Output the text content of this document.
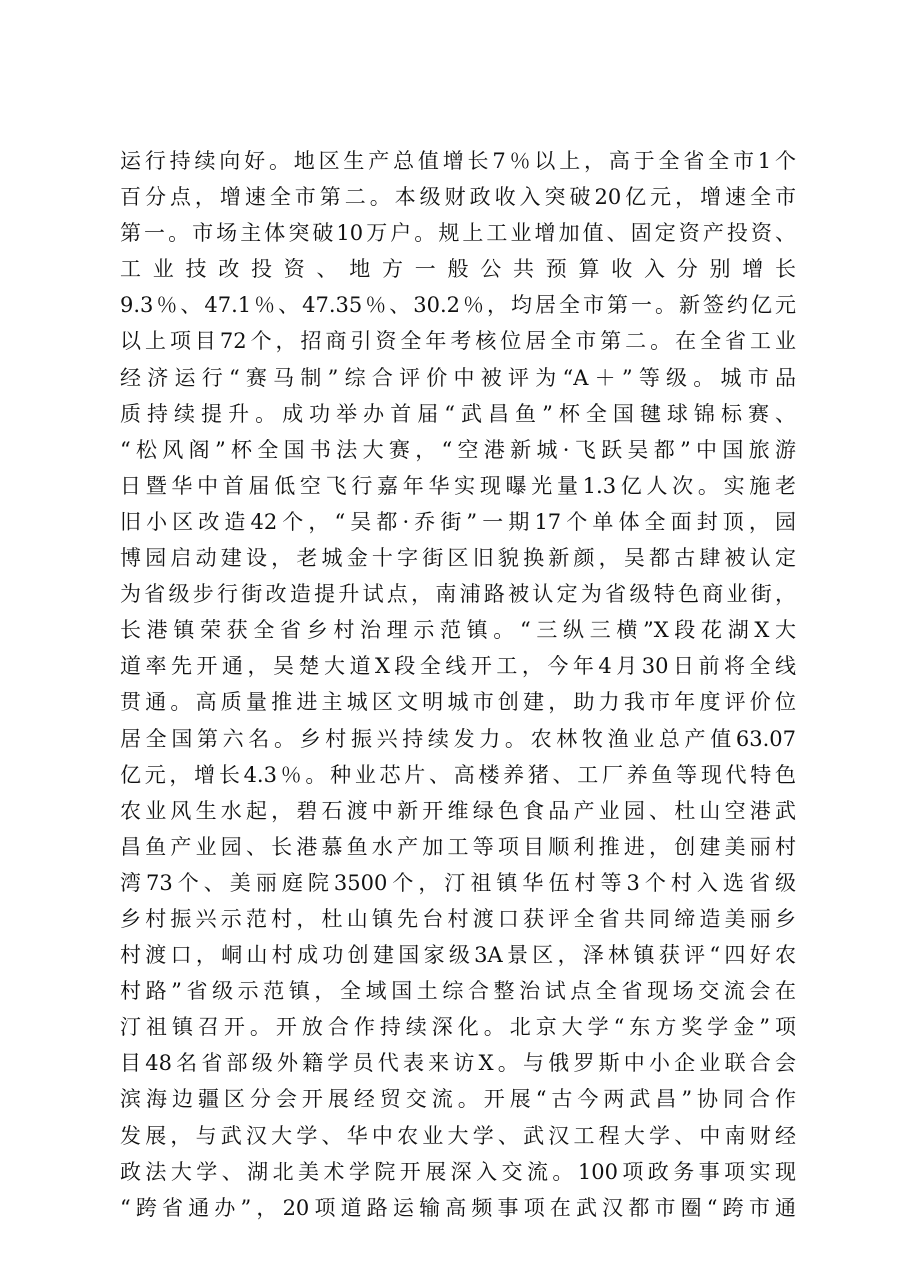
运行持续向好。地区生产总值增长7％以上，高于全省全市1个
百分点，增速全市第二。本级财政收入突破20亿元，增速全市
第一。市场主体突破10万户。规上工业增加值、固定资产投资、
工 业 技 改 投 资 、 地 方 一 般 公 共 预 算 收 入 分 别 增 长
9.3％、47.1％、47.35％、30.2％，均居全市第一。新签约亿元
以上项目72个，招商引资全年考核位居全市第二。在全省工业
经济运行“赛马制”综合评价中被评为“A＋”等级。城市品
质持续提升。成功举办首届“武昌鱼”杯全国毽球锦标赛、
“松风阁”杯全国书法大赛，“空港新城·飞跃吴都”中国旅游
日暨华中首届低空飞行嘉年华实现曝光量1.3亿人次。实施老
旧小区改造42个，“吴都·乔街”一期17个单体全面封顶，园
博园启动建设，老城金十字街区旧貌换新颜，吴都古肆被认定
为省级步行街改造提升试点，南浦路被认定为省级特色商业街，
长港镇荣获全省乡村治理示范镇。“三纵三横”X段花湖X大
道率先开通，吴楚大道X段全线开工，今年4月30日前将全线
贯通。高质量推进主城区文明城市创建，助力我市年度评价位
居全国第六名。乡村振兴持续发力。农林牧渔业总产值63.07
亿元，增长4.3％。种业芯片、高楼养猪、工厂养鱼等现代特色
农业风生水起，碧石渡中新开维绿色食品产业园、杜山空港武
昌鱼产业园、长港慕鱼水产加工等项目顺利推进，创建美丽村
湾73个、美丽庭院3500个，汀祖镇华伍村等3个村入选省级
乡村振兴示范村，杜山镇先台村渡口获评全省共同缔造美丽乡
村渡口，峒山村成功创建国家级3A景区，泽林镇获评“四好农
村路”省级示范镇，全域国土综合整治试点全省现场交流会在
汀祖镇召开。开放合作持续深化。北京大学“东方奖学金”项
目48名省部级外籍学员代表来访X。与俄罗斯中小企业联合会
滨海边疆区分会开展经贸交流。开展“古今两武昌”协同合作
发展，与武汉大学、华中农业大学、武汉工程大学、中南财经
政法大学、湖北美术学院开展深入交流。100项政务事项实现
“跨省通办”，20项道路运输高频事项在武汉都市圈“跨市通
